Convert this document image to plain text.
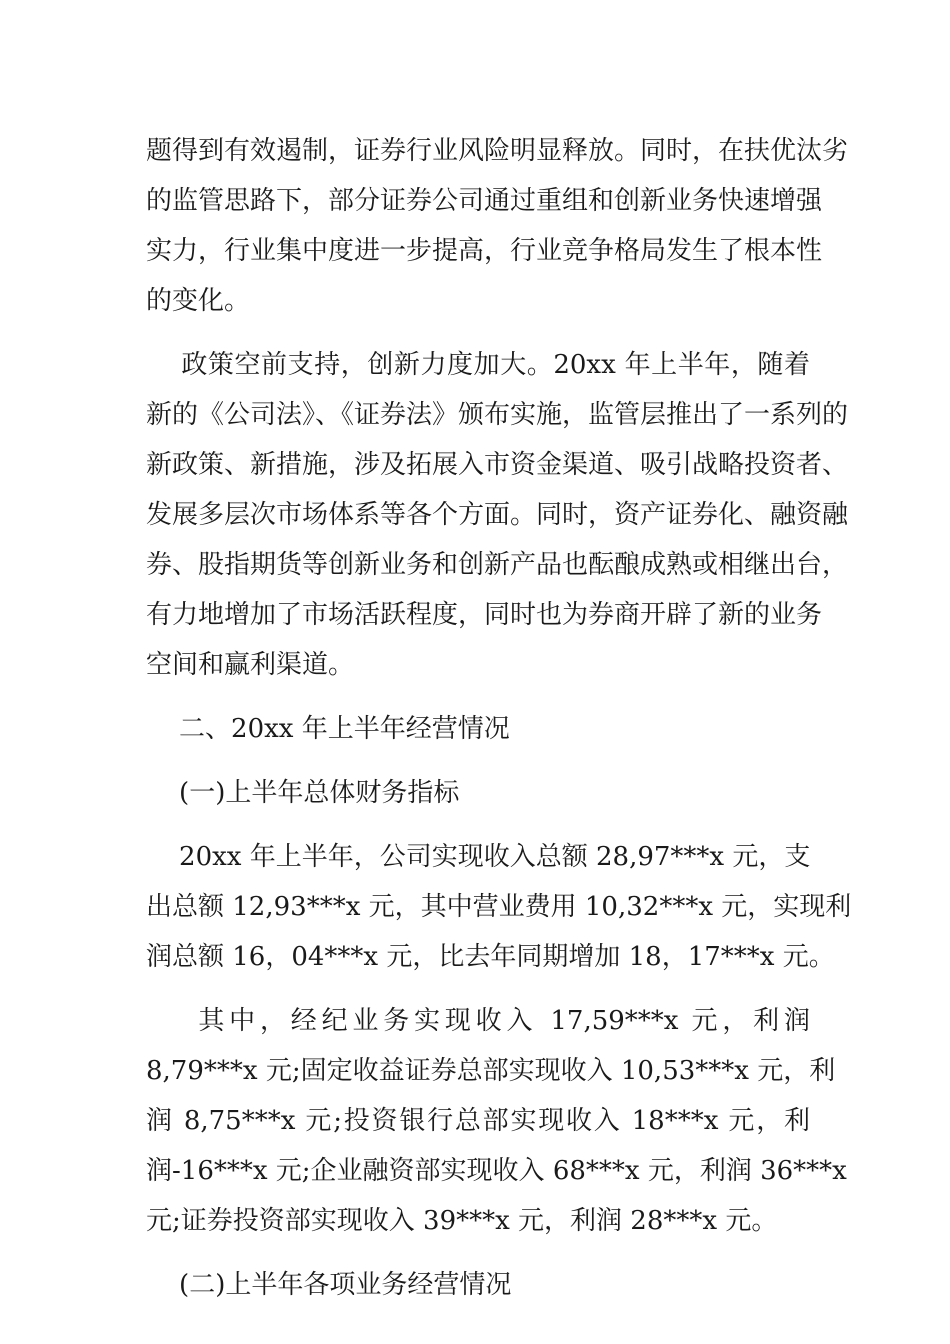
题得到有效遏制，证券行业风险明显释放。同时，在扶优汰劣
的监管思路下，部分证券公司通过重组和创新业务快速增强
实力，行业集中度进一步提高，行业竞争格局发生了根本性
的变化。
政策空前支持，创新力度加大。20xx 年上半年，随着
新的《公司法》、《证券法》颁布实施，监管层推出了一系列的
新政策、新措施，涉及拓展入市资金渠道、吸引战略投资者、
发展多层次市场体系等各个方面。同时，资产证券化、融资融
券、股指期货等创新业务和创新产品也酝酿成熟或相继出台，
有力地增加了市场活跃程度，同时也为券商开辟了新的业务
空间和赢利渠道。
二、20xx 年上半年经营情况
(一)上半年总体财务指标
20xx 年上半年，公司实现收入总额 28,97***x 元，支
出总额 12,93***x 元，其中营业费用 10,32***x 元，实现利
润总额 16，04***x 元，比去年同期增加 18，17***x 元。
其中，经纪业务实现收入 17,59***x 元，利润
8,79***x 元;固定收益证券总部实现收入 10,53***x 元，利
润 8,75***x 元;投资银行总部实现收入 18***x 元，利
润-16***x 元;企业融资部实现收入 68***x 元，利润 36***x
元;证券投资部实现收入 39***x 元，利润 28***x 元。
(二)上半年各项业务经营情况
